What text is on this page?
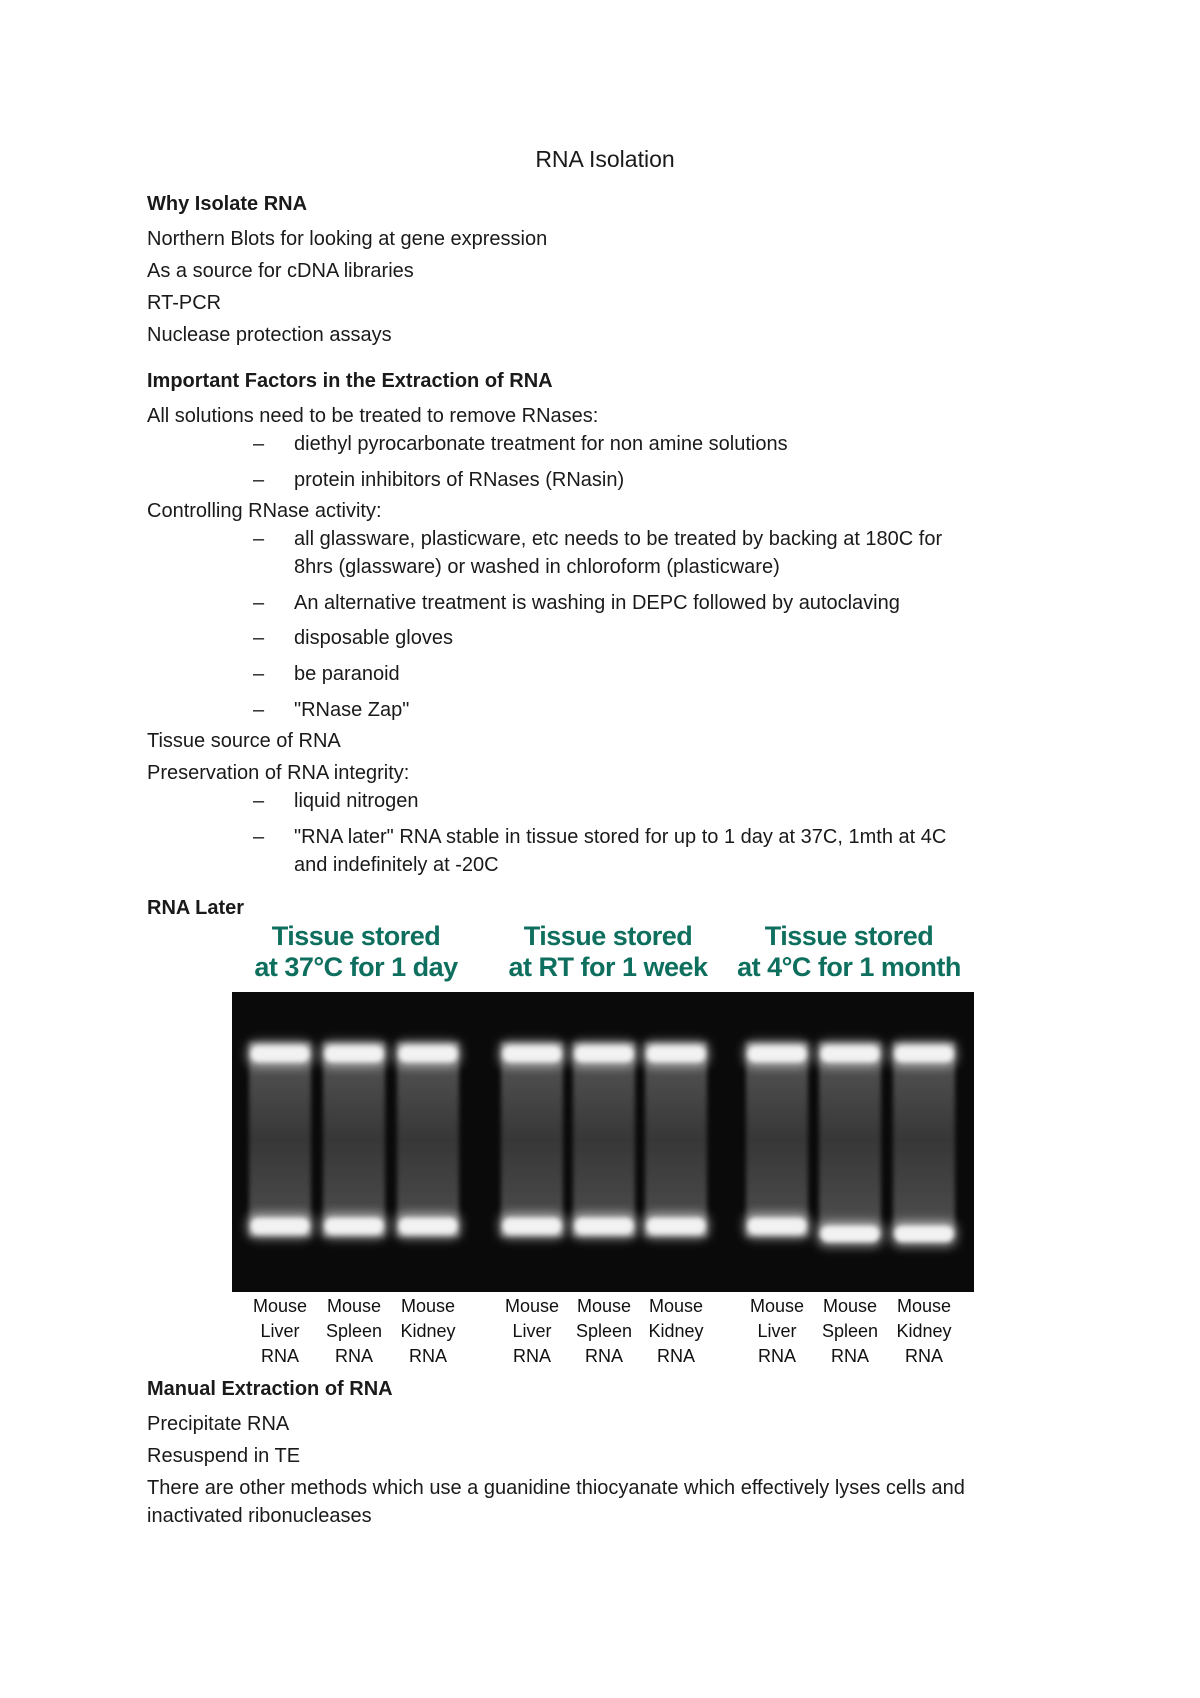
RNA Isolation
Why Isolate RNA
Northern Blots for looking at gene expression
As a source for cDNA libraries
RT-PCR
Nuclease protection assays
Important Factors in the Extraction of RNA
All solutions need to be treated to remove RNases:
– diethyl pyrocarbonate treatment for non amine solutions
– protein inhibitors of RNases (RNasin)
Controlling RNase activity:
– all glassware, plasticware, etc needs to be treated by backing at 180C for
8hrs (glassware) or washed in chloroform (plasticware)
– An alternative treatment is washing in DEPC followed by autoclaving
– disposable gloves
– be paranoid
– "RNase Zap"
Tissue source of RNA
Preservation of RNA integrity:
– liquid nitrogen
– "RNA later" RNA stable in tissue stored for up to 1 day at 37C, 1mth at 4C
and indefinitely at -20C
RNA Later
Tissue stored
at 37°C for 1 day
Tissue stored
at RT for 1 week
Tissue stored
at 4°C for 1 month
Mouse
Liver
RNA
Mouse
Spleen
RNA
Mouse
Kidney
RNA
Mouse
Liver
RNA
Mouse
Spleen
RNA
Mouse
Kidney
RNA
Mouse
Liver
RNA
Mouse
Spleen
RNA
Mouse
Kidney
RNA
Manual Extraction of RNA
Precipitate RNA
Resuspend in TE
There are other methods which use a guanidine thiocyanate which effectively lyses cells and
inactivated ribonucleases
